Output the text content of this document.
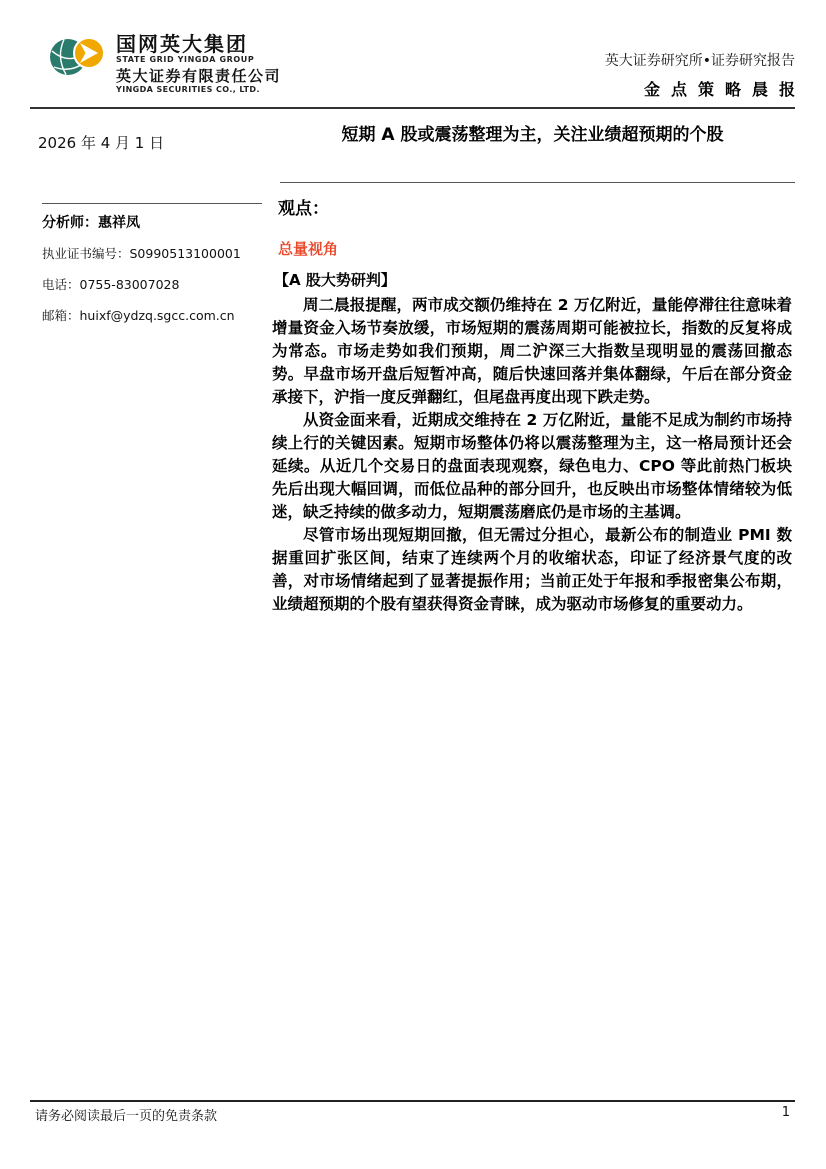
国网英大集团
STATE GRID YINGDA GROUP
英大证券有限责任公司
YINGDA SECURITIES CO., LTD.
英大证券研究所•证券研究报告
金点策略晨报
2026 年 4 月 1 日	短期 A 股或震荡整理为主，关注业绩超预期的个股
分析师：惠祥凤
执业证书编号：S0990513100001
电话：0755-83007028
邮箱：huixf@ydzq.sgcc.com.cn
观点：
总量视角
【A 股大势研判】

周二晨报提醒，两市成交额仍维持在 2 万亿附近，量能停滞往往意味着增量资金入场节奏放缓，市场短期的震荡周期可能被拉长，指数的反复将成为常态。市场走势如我们预期，周二沪深三大指数呈现明显的震荡回撤态势。早盘市场开盘后短暂冲高，随后快速回落并集体翻绿，午后在部分资金承接下，沪指一度反弹翻红，但尾盘再度出现下跌走势。

从资金面来看，近期成交维持在 2 万亿附近，量能不足成为制约市场持续上行的关键因素。短期市场整体仍将以震荡整理为主，这一格局预计还会延续。从近几个交易日的盘面表现观察，绿色电力、CPO 等此前热门板块先后出现大幅回调，而低位品种的部分回升，也反映出市场整体情绪较为低迷，缺乏持续的做多动力，短期震荡磨底仍是市场的主基调。

尽管市场出现短期回撤，但无需过分担心，最新公布的制造业 PMI 数据重回扩张区间，结束了连续两个月的收缩状态，印证了经济景气度的改善，对市场情绪起到了显著提振作用；当前正处于年报和季报密集公布期，业绩超预期的个股有望获得资金青睐，成为驱动市场修复的重要动力。

请务必阅读最后一页的免责条款	1
